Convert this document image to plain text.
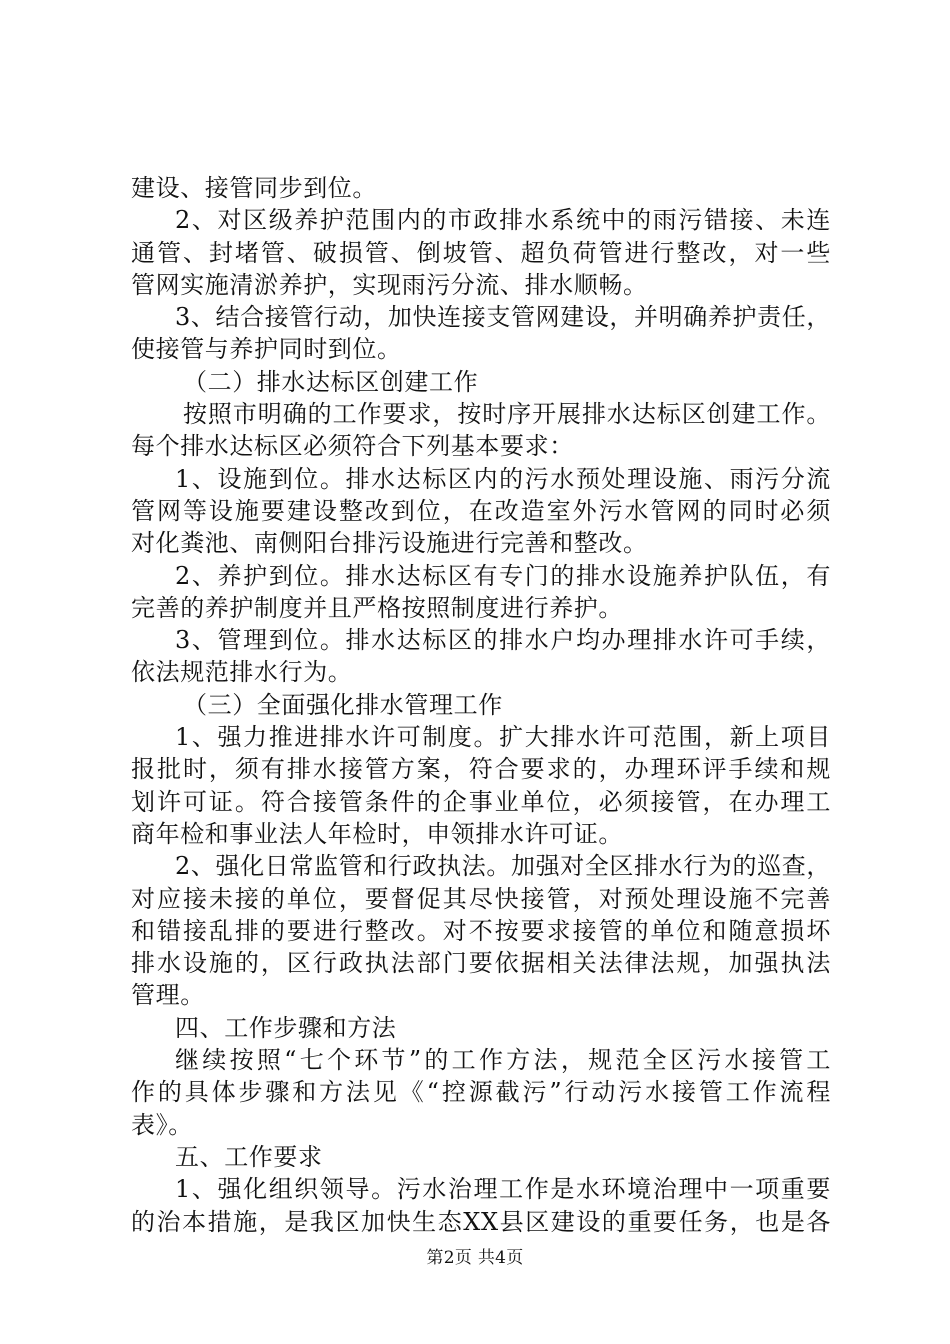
建设、接管同步到位。
2、对区级养护范围内的市政排水系统中的雨污错接、未连
通管、封堵管、破损管、倒坡管、超负荷管进行整改，对一些
管网实施清淤养护，实现雨污分流、排水顺畅。
3、结合接管行动，加快连接支管网建设，并明确养护责任，
使接管与养护同时到位。
（二）排水达标区创建工作
按照市明确的工作要求，按时序开展排水达标区创建工作。
每个排水达标区必须符合下列基本要求：
1、设施到位。排水达标区内的污水预处理设施、雨污分流
管网等设施要建设整改到位，在改造室外污水管网的同时必须
对化粪池、南侧阳台排污设施进行完善和整改。
2、养护到位。排水达标区有专门的排水设施养护队伍，有
完善的养护制度并且严格按照制度进行养护。
3、管理到位。排水达标区的排水户均办理排水许可手续，
依法规范排水行为。
（三）全面强化排水管理工作
1、强力推进排水许可制度。扩大排水许可范围，新上项目
报批时，须有排水接管方案，符合要求的，办理环评手续和规
划许可证。符合接管条件的企事业单位，必须接管，在办理工
商年检和事业法人年检时，申领排水许可证。
2、强化日常监管和行政执法。加强对全区排水行为的巡查，
对应接未接的单位，要督促其尽快接管，对预处理设施不完善
和错接乱排的要进行整改。对不按要求接管的单位和随意损坏
排水设施的，区行政执法部门要依据相关法律法规，加强执法
管理。
四、工作步骤和方法
继续按照“七个环节”的工作方法，规范全区污水接管工
作的具体步骤和方法见《“控源截污”行动污水接管工作流程
表》。
五、工作要求
1、强化组织领导。污水治理工作是水环境治理中一项重要
的治本措施，是我区加快生态XX县区建设的重要任务，也是各
第2页 共4页
